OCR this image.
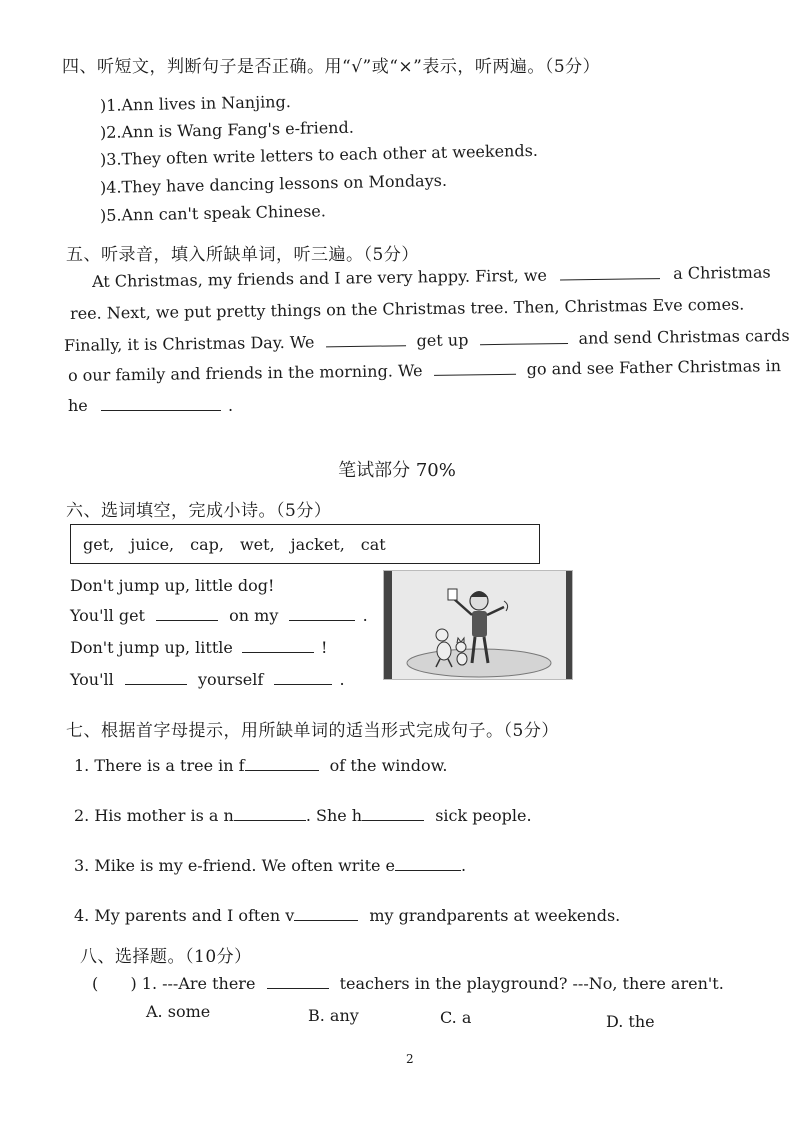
四、听短文，判断句子是否正确。用“√”或“×”表示，听两遍。（5分）
)1.Ann lives in Nanjing.
)2.Ann is Wang Fang's e-friend.
)3.They often write letters to each other at weekends.
)4.They have dancing lessons on Mondays.
)5.Ann can't speak Chinese.
五、听录音，填入所缺单词，听三遍。（5分）
At Christmas, my friends and I are very happy. First, we	a Christmas
ree. Next, we put pretty things on the Christmas tree. Then, Christmas Eve comes.
Finally, it is Christmas Day. We	get up	and send Christmas cards
o our family and friends in the morning. We	go and see Father Christmas in
he	.
笔试部分 70%
六、选词填空，完成小诗。（5分）
get, juice, cap, wet, jacket, cat
Don't jump up, little dog!
You'll get	on my	.
Don't jump up, little	!
You'll	yourself	.
七、根据首字母提示，用所缺单词的适当形式完成句子。（5分）
1. There is a tree in f	of the window.
2. His mother is a n	. She h	sick people.
3. Mike is my e-friend. We often write e	.
4. My parents and I often v	my grandparents at weekends.
八、选择题。（10分）
( ) 1. ---Are there	teachers in the playground? ---No, there aren't.
A. some	B. any	C. a	D. the
2
